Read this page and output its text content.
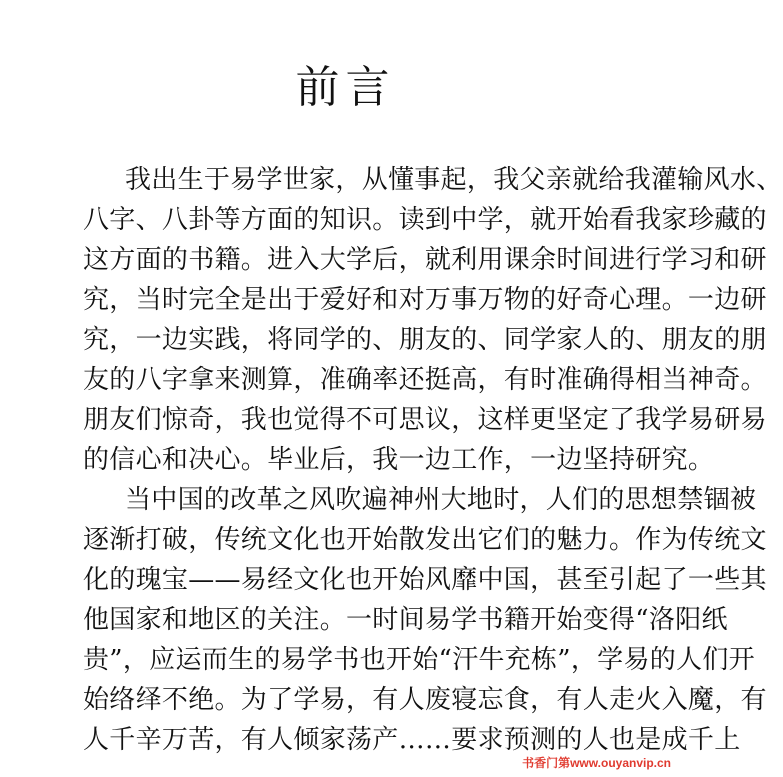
前言
我出生于易学世家，从懂事起，我父亲就给我灌输风水、
八字、八卦等方面的知识。读到中学，就开始看我家珍藏的
这方面的书籍。进入大学后，就利用课余时间进行学习和研
究，当时完全是出于爱好和对万事万物的好奇心理。一边研
究，一边实践，将同学的、朋友的、同学家人的、朋友的朋
友的八字拿来测算，准确率还挺高，有时准确得相当神奇。
朋友们惊奇，我也觉得不可思议，这样更坚定了我学易研易
的信心和决心。毕业后，我一边工作，一边坚持研究。
当中国的改革之风吹遍神州大地时，人们的思想禁锢被
逐渐打破，传统文化也开始散发出它们的魅力。作为传统文
化的瑰宝——易经文化也开始风靡中国，甚至引起了一些其
他国家和地区的关注。一时间易学书籍开始变得“洛阳纸
贵”，应运而生的易学书也开始“汗牛充栋”，学易的人们开
始络绎不绝。为了学易，有人废寝忘食，有人走火入魔，有
人千辛万苦，有人倾家荡产……要求预测的人也是成千上
书香门第www.ouyanvip.cn
